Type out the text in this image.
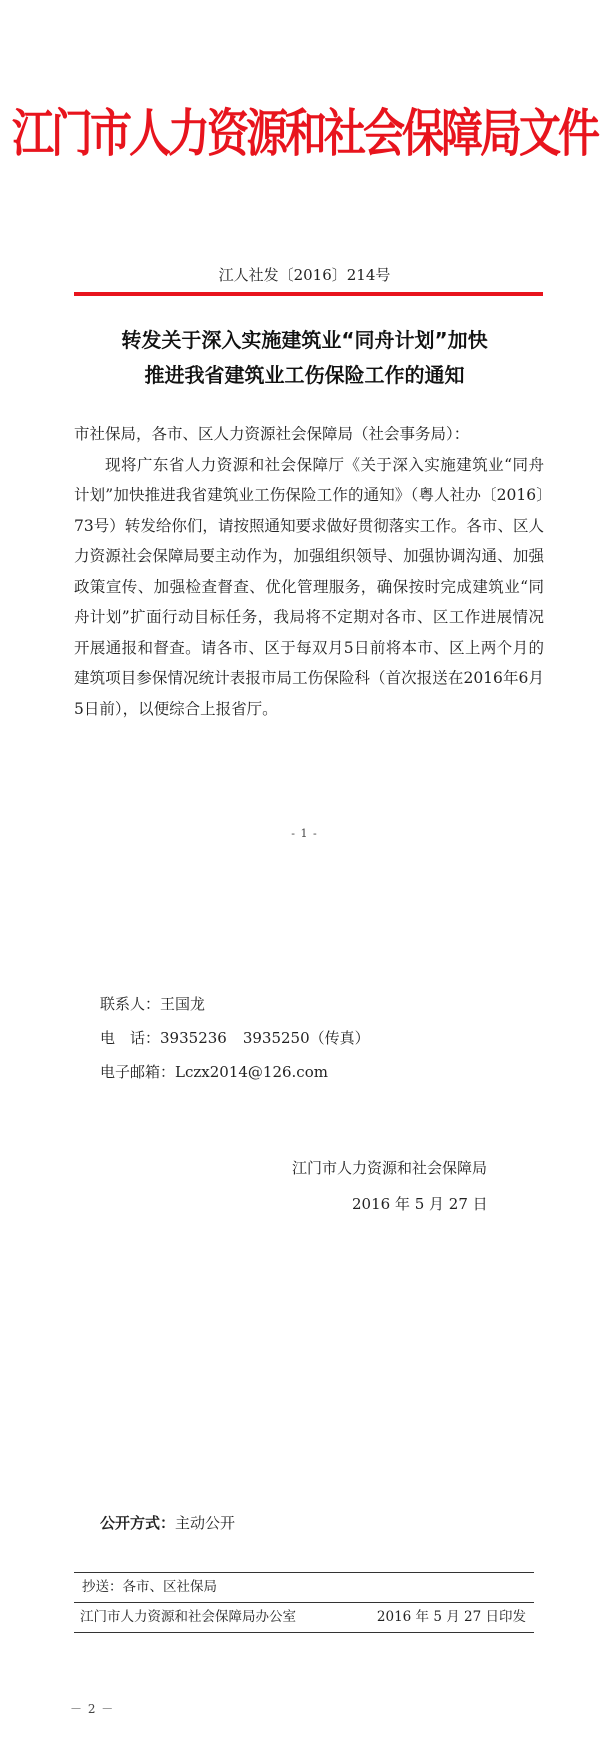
江门市人力资源和社会保障局文件
江人社发〔2016〕214号
转发关于深入实施建筑业“同舟计划”加快
推进我省建筑业工伤保险工作的通知

市社保局，各市、区人力资源社会保障局（社会事务局）：

现将广东省人力资源和社会保障厅《关于深入实施建筑业“同舟计划”加快推进我省建筑业工伤保险工作的通知》（粤人社办〔2016〕73号）转发给你们，请按照通知要求做好贯彻落实工作。各市、区人力资源社会保障局要主动作为，加强组织领导、加强协调沟通、加强政策宣传、加强检查督查、优化管理服务，确保按时完成建筑业“同舟计划”扩面行动目标任务，我局将不定期对各市、区工作进展情况开展通报和督查。请各市、区于每双月5日前将本市、区上两个月的建筑项目参保情况统计表报市局工伤保险科（首次报送在2016年6月5日前），以便综合上报省厅。

- 1 -
联系人：王国龙
电　话：3935236 3935250（传真）
电子邮箱：Lczx2014@126.com
江门市人力资源和社会保障局
2016 年 5 月 27 日
公开方式：主动公开
抄送：各市、区社保局
江门市人力资源和社会保障局办公室	2016 年 5 月 27 日印发
－ 2 －
